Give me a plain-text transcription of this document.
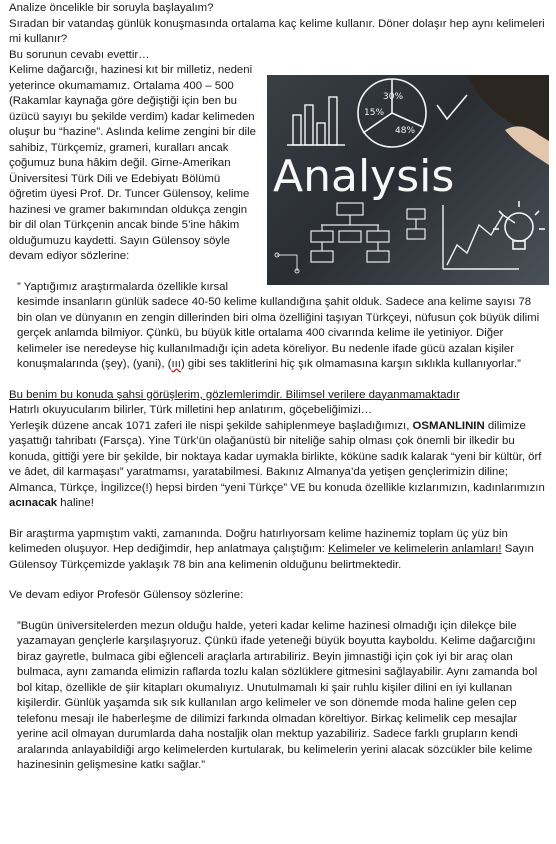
Analize öncelikle bir soruyla başlayalım?

Sıradan bir vatandaş günlük konuşmasında ortalama kaç kelime kullanır. Döner dolaşır hep aynı kelimeleri mi kullanır?

Bu sorunun cevabı evettir…

30%
15%
48%
Analysis

Kelime dağarcığı, hazinesi kıt bir milletiz, nedeni yeterince okumamamız. Ortalama 400 – 500 (Rakamlar kaynağa göre değiştiği için ben bu üzücü sayıyı bu şekilde verdim) kadar kelimeden oluşur bu “hazine”. Aslında kelime zengini bir dile sahibiz, Türkçemiz, grameri, kuralları ancak çoğumuz buna hâkim değil. Girne-Amerikan Üniversitesi Türk Dili ve Edebiyatı Bölümü öğretim üyesi Prof. Dr. Tuncer Gülensoy, kelime hazinesi ve gramer bakımından oldukça zengin bir dil olan Türkçenin ancak binde 5’ine hâkim olduğumuzu kaydetti. Sayın Gülensoy söyle devam ediyor sözlerine:

” Yaptığımız araştırmalarda özellikle kırsal kesimde insanların günlük sadece 40-50 kelime kullandığına şahit olduk. Sadece ana kelime sayısı 78 bin olan ve dünyanın en zengin dillerinden biri olma özelliğini taşıyan Türkçeyi, nüfusun çok büyük dilimi gerçek anlamda bilmiyor. Çünkü, bu büyük kitle ortalama 400 civarında kelime ile yetiniyor. Diğer kelimeler ise neredeyse hiç kullanılmadığı için adeta köreliyor. Bu nedenle ifade gücü azalan kişiler konuşmalarında (şey), (yani), (ııı) gibi ses taklitlerini hiç şık olmamasına karşın sıklıkla kullanıyorlar.”

Bu benim bu konuda şahsi görüşlerim, gözlemlerimdir. Bilimsel verilere dayanmamaktadır

Hatırlı okuyucularım bilirler, Türk milletini hep anlatırım, göçebeliğimizi…

Yerleşik düzene ancak 1071 zaferi ile nispi şekilde sahiplenmeye başladığımızı, OSMANLININ dilimize yaşattığı tahribatı (Farsça). Yine Türk’ün olağanüstü bir niteliğe sahip olması çok önemli bir ilkedir bu konuda, gittiği yere bir şekilde, bir noktaya kadar uymakla birlikte, köküne sadık kalarak “yeni bir kültür, örf ve âdet, dil karmaşası” yaratmamsı, yaratabilmesi. Bakınız Almanya’da yetişen gençlerimizin diline; Almanca, Türkçe, İngilizce(!) hepsi birden “yeni Türkçe” VE bu konuda özellikle kızlarımızın, kadınlarımızın acınacak haline!

Bir araştırma yapmıştım vakti, zamanında. Doğru hatırlıyorsam kelime hazinemiz toplam üç yüz bin kelimeden oluşuyor. Hep dediğimdir, hep anlatmaya çalıştığım: Kelimeler ve kelimelerin anlamları! Sayın Gülensoy Türkçemizde yaklaşık 78 bin ana kelimenin olduğunu belirtmektedir.

Ve devam ediyor Profesör Gülensoy sözlerine:

”Bugün üniversitelerden mezun olduğu halde, yeteri kadar kelime hazinesi olmadığı için dilekçe bile yazamayan gençlerle karşılaşıyoruz. Çünkü ifade yeteneği büyük boyutta kayboldu. Kelime dağarcığını biraz gayretle, bulmaca gibi eğlenceli araçlarla artırabiliriz. Beyin jimnastiği için çok iyi bir araç olan bulmaca, aynı zamanda elimizin raflarda tozlu kalan sözlüklere gitmesini sağlayabilir. Aynı zamanda bol bol kitap, özellikle de şiir kitapları okumalıyız. Unutulmamalı ki şair ruhlu kişiler dilini en iyi kullanan kişilerdir. Günlük yaşamda sık sık kullanılan argo kelimeler ve son dönemde moda haline gelen cep telefonu mesajı ile haberleşme de dilimizi farkında olmadan köreltiyor. Birkaç kelimelik cep mesajlar yerine acil olmayan durumlarda daha nostaljik olan mektup yazabiliriz. Sadece farklı grupların kendi aralarında anlayabildiği argo kelimelerden kurtularak, bu kelimelerin yerini alacak sözcükler bile kelime hazinesinin gelişmesine katkı sağlar.”
